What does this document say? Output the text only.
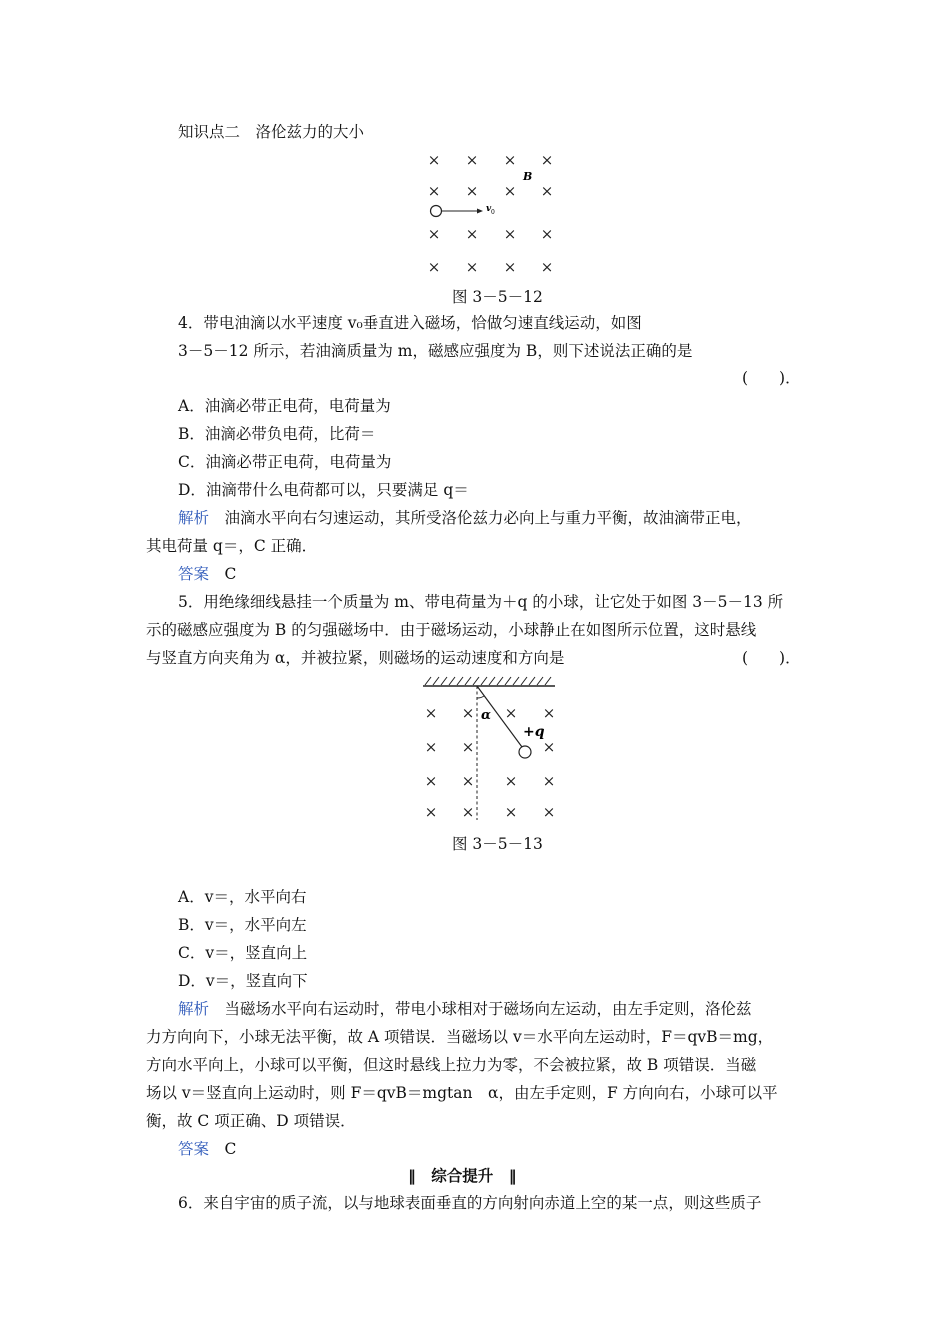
知识点二　洛伦兹力的大小
× × × ×
× × × ×
× × × ×
× × × ×
B
v 0
图 3－5－12
4．带电油滴以水平速度 v₀垂直进入磁场，恰做匀速直线运动，如图
3－5－12 所示，若油滴质量为 m，磁感应强度为 B，则下述说法正确的是
(　　)．
A．油滴必带正电荷，电荷量为
B．油滴必带负电荷，比荷＝
C．油滴必带正电荷，电荷量为
D．油滴带什么电荷都可以，只要满足 q＝
解析　油滴水平向右匀速运动，其所受洛伦兹力必向上与重力平衡，故油滴带正电，
其电荷量 q＝，C 正确．
答案　C
5．用绝缘细线悬挂一个质量为 m、带电荷量为＋q 的小球，让它处于如图 3－5－13 所
示的磁感应强度为 B 的匀强磁场中．由于磁场运动，小球静止在如图所示位置，这时悬线
与竖直方向夹角为 α，并被拉紧，则磁场的运动速度和方向是	(　　)．
× × × ×
× ×	×
× × × ×
× × × ×
α
+q
图 3－5－13
A．v＝，水平向右
B．v＝，水平向左
C．v＝，竖直向上
D．v＝，竖直向下
解析　当磁场水平向右运动时，带电小球相对于磁场向左运动，由左手定则，洛伦兹
力方向向下，小球无法平衡，故 A 项错误．当磁场以 v＝水平向左运动时，F＝qvB＝mg，
方向水平向上，小球可以平衡，但这时悬线上拉力为零，不会被拉紧，故 B 项错误．当磁
场以 v＝竖直向上运动时，则 F＝qvB＝mgtan　α，由左手定则，F 方向向右，小球可以平
衡，故 C 项正确、D 项错误．
答案　C
‖　综合提升　‖
6．来自宇宙的质子流，以与地球表面垂直的方向射向赤道上空的某一点，则这些质子
